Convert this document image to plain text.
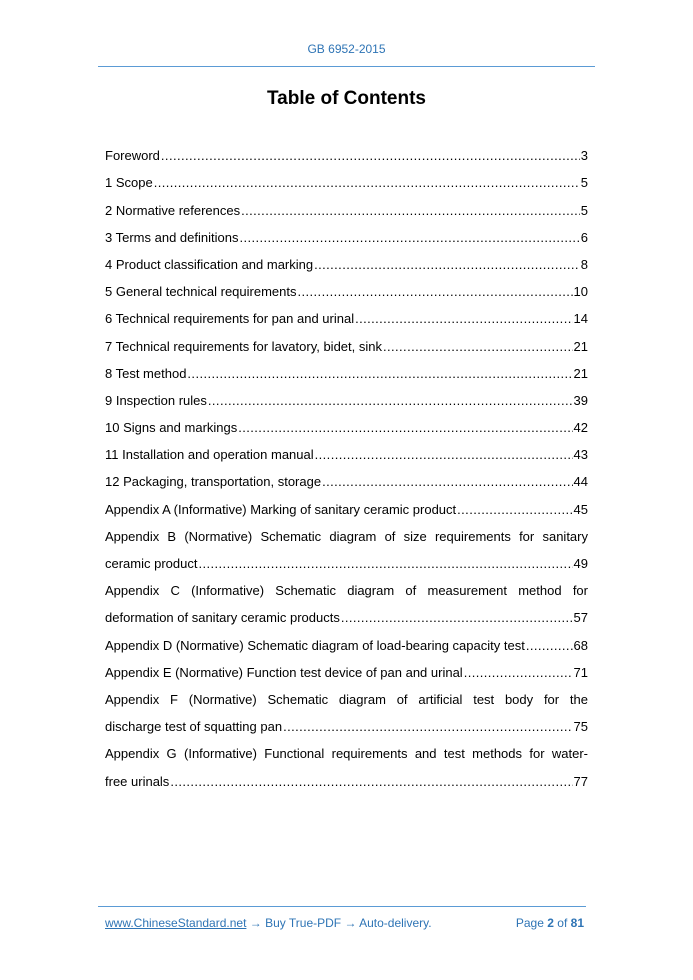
GB 6952-2015
Table of Contents
Foreword .....	3
1 Scope .....	5
2 Normative references .....	5
3 Terms and definitions .....	6
4 Product classification and marking .....	8
5 General technical requirements .....	10
6 Technical requirements for pan and urinal .....	14
7 Technical requirements for lavatory, bidet, sink .....	21
8 Test method .....	21
9 Inspection rules .....	39
10 Signs and markings .....	42
11 Installation and operation manual .....	43
12 Packaging, transportation, storage .....	44
Appendix A (Informative) Marking of sanitary ceramic product .....	45
Appendix B (Normative) Schematic diagram of size requirements for sanitary
ceramic product .....	49
Appendix C (Informative) Schematic diagram of measurement method for
deformation of sanitary ceramic products .....	57
Appendix D (Normative) Schematic diagram of load-bearing capacity test .....	68
Appendix E (Normative) Function test device of pan and urinal .....	71
Appendix F (Normative) Schematic diagram of artificial test body for the
discharge test of squatting pan .....	75
Appendix G (Informative) Functional requirements and test methods for water-
free urinals .....	77
www.ChineseStandard.net → Buy True-PDF → Auto-delivery.	Page 2 of 81
